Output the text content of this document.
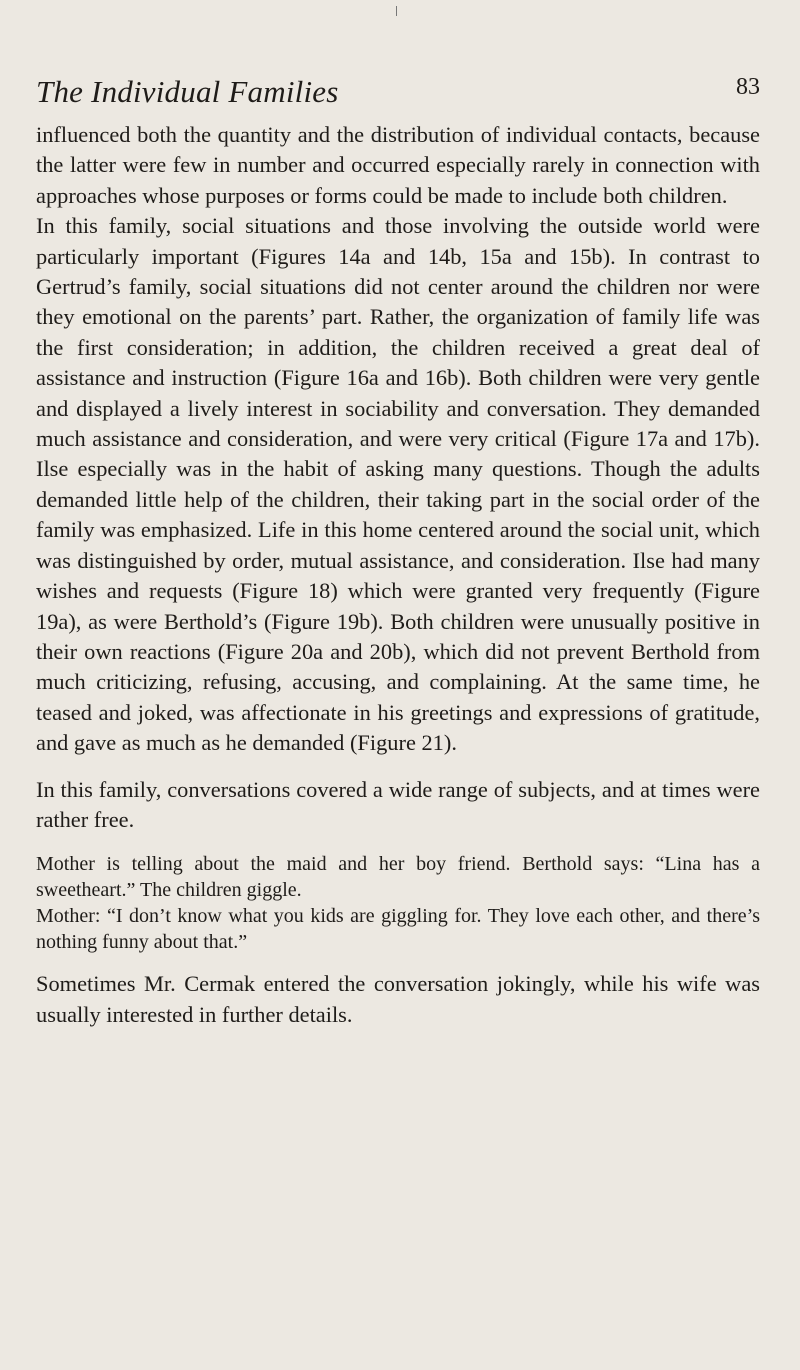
The Individual Families	83

influenced both the quantity and the distribution of individual contacts, because the latter were few in number and occurred especially rarely in connection with approaches whose purposes or forms could be made to include both children.

In this family, social situations and those involving the outside world were particularly important (Figures 14a and 14b, 15a and 15b). In contrast to Gertrud’s family, social situations did not center around the children nor were they emotional on the parents’ part. Rather, the organization of family life was the first consideration; in addition, the children received a great deal of assistance and instruction (Figure 16a and 16b). Both children were very gentle and displayed a lively interest in sociability and conversation. They demanded much assistance and consideration, and were very critical (Figure 17a and 17b). Ilse especially was in the habit of asking many questions. Though the adults demanded little help of the children, their taking part in the social order of the family was emphasized. Life in this home centered around the social unit, which was distinguished by order, mutual assistance, and consideration. Ilse had many wishes and requests (Figure 18) which were granted very frequently (Figure 19a), as were Berthold’s (Figure 19b). Both children were unusually positive in their own reactions (Figure 20a and 20b), which did not prevent Berthold from much criticizing, refusing, accusing, and complaining. At the same time, he teased and joked, was affectionate in his greetings and expressions of gratitude, and gave as much as he demanded (Figure 21).

In this family, conversations covered a wide range of subjects, and at times were rather free.

Mother is telling about the maid and her boy friend. Berthold says: “Lina has a sweetheart.” The children giggle.

Mother: “I don’t know what you kids are giggling for. They love each other, and there’s nothing funny about that.”

Sometimes Mr. Cermak entered the conversation jokingly, while his wife was usually interested in further details.
